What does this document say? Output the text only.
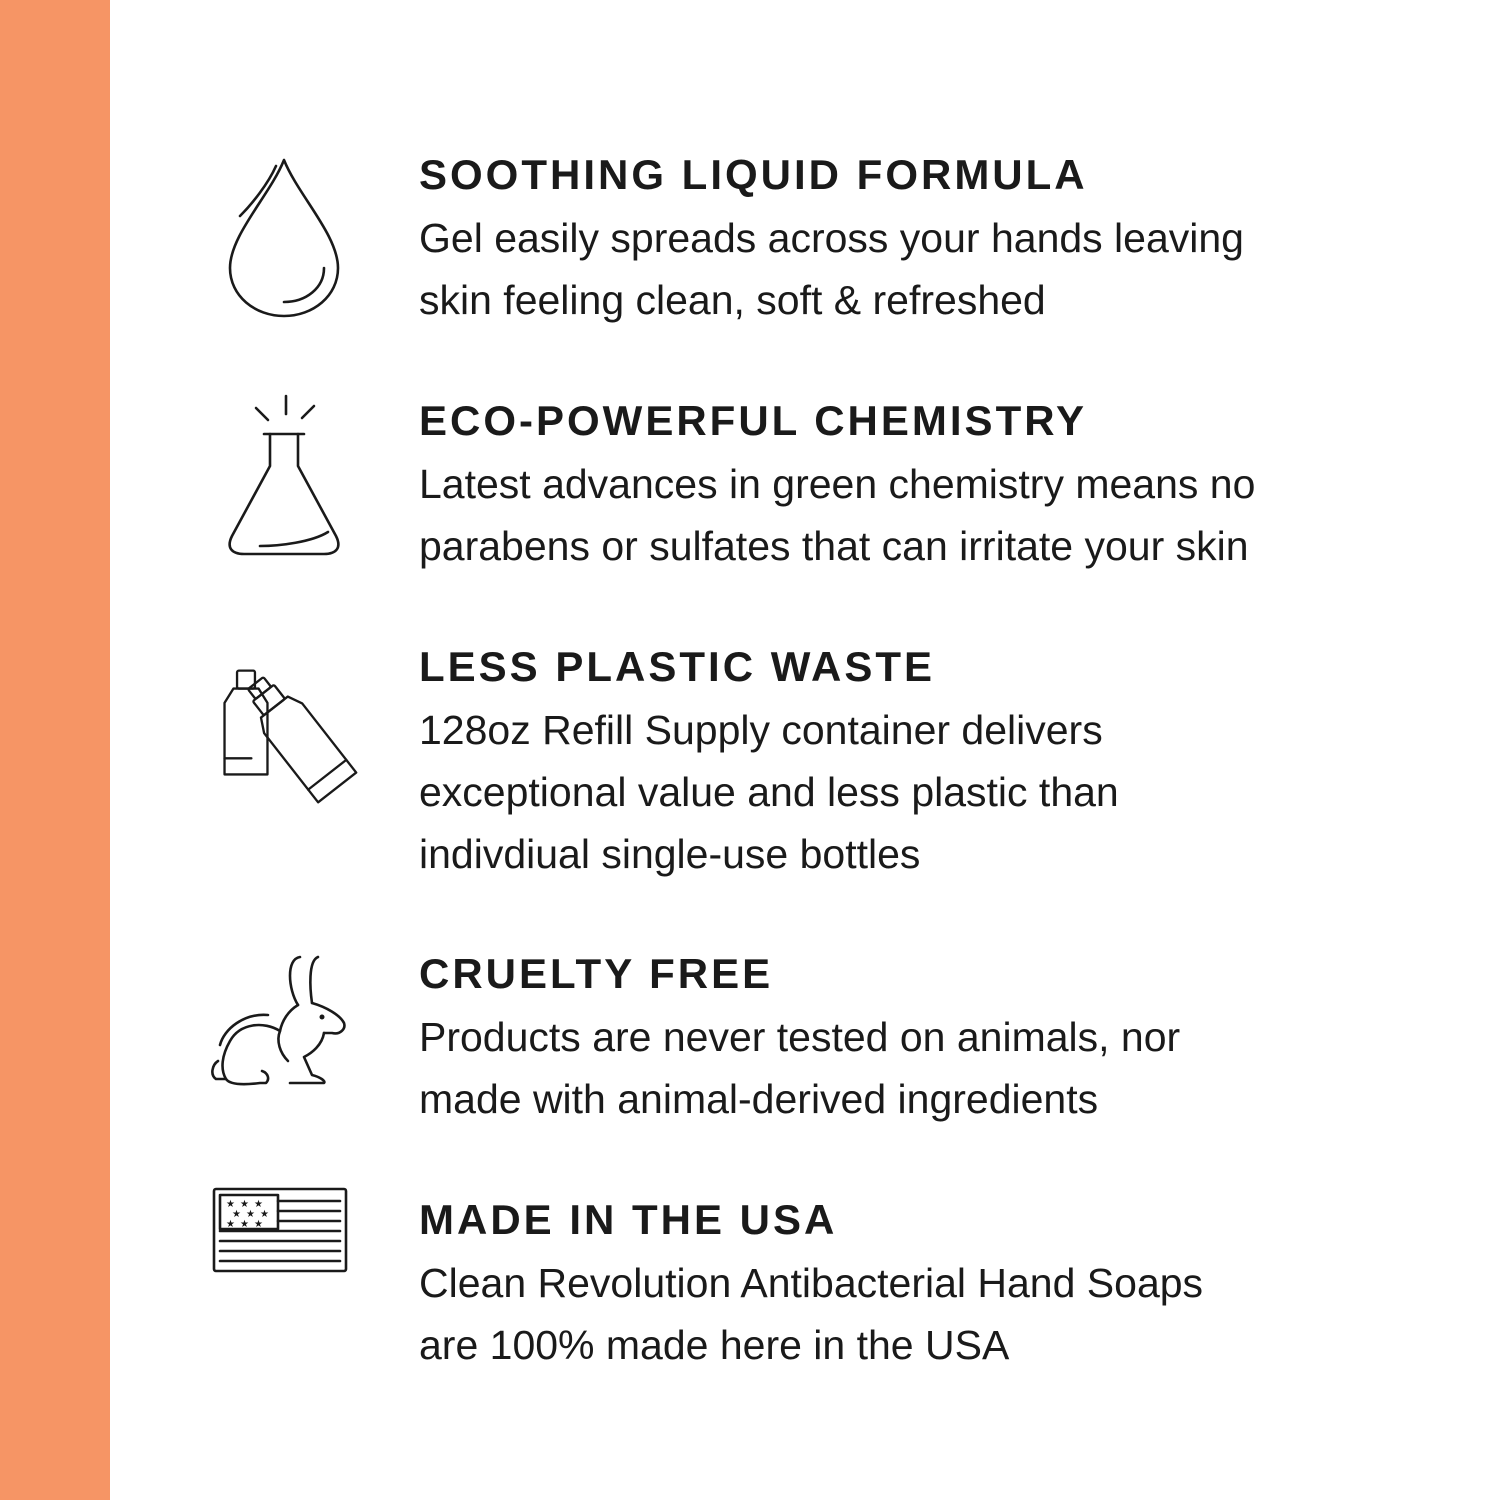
SOOTHING LIQUID FORMULA

Gel easily spreads across your hands leaving
skin feeling clean, soft & refreshed

ECO-POWERFUL CHEMISTRY

Latest advances in green chemistry means no
parabens or sulfates that can irritate your skin

LESS PLASTIC WASTE

128oz Refill Supply container delivers
exceptional value and less plastic than
indivdiual single-use bottles

CRUELTY FREE

Products are never tested on animals, nor
made with animal-derived ingredients

★ ★ ★
★ ★ ★
★ ★ ★	MADE IN THE USA

Clean Revolution Antibacterial Hand Soaps
are 100% made here in the USA
